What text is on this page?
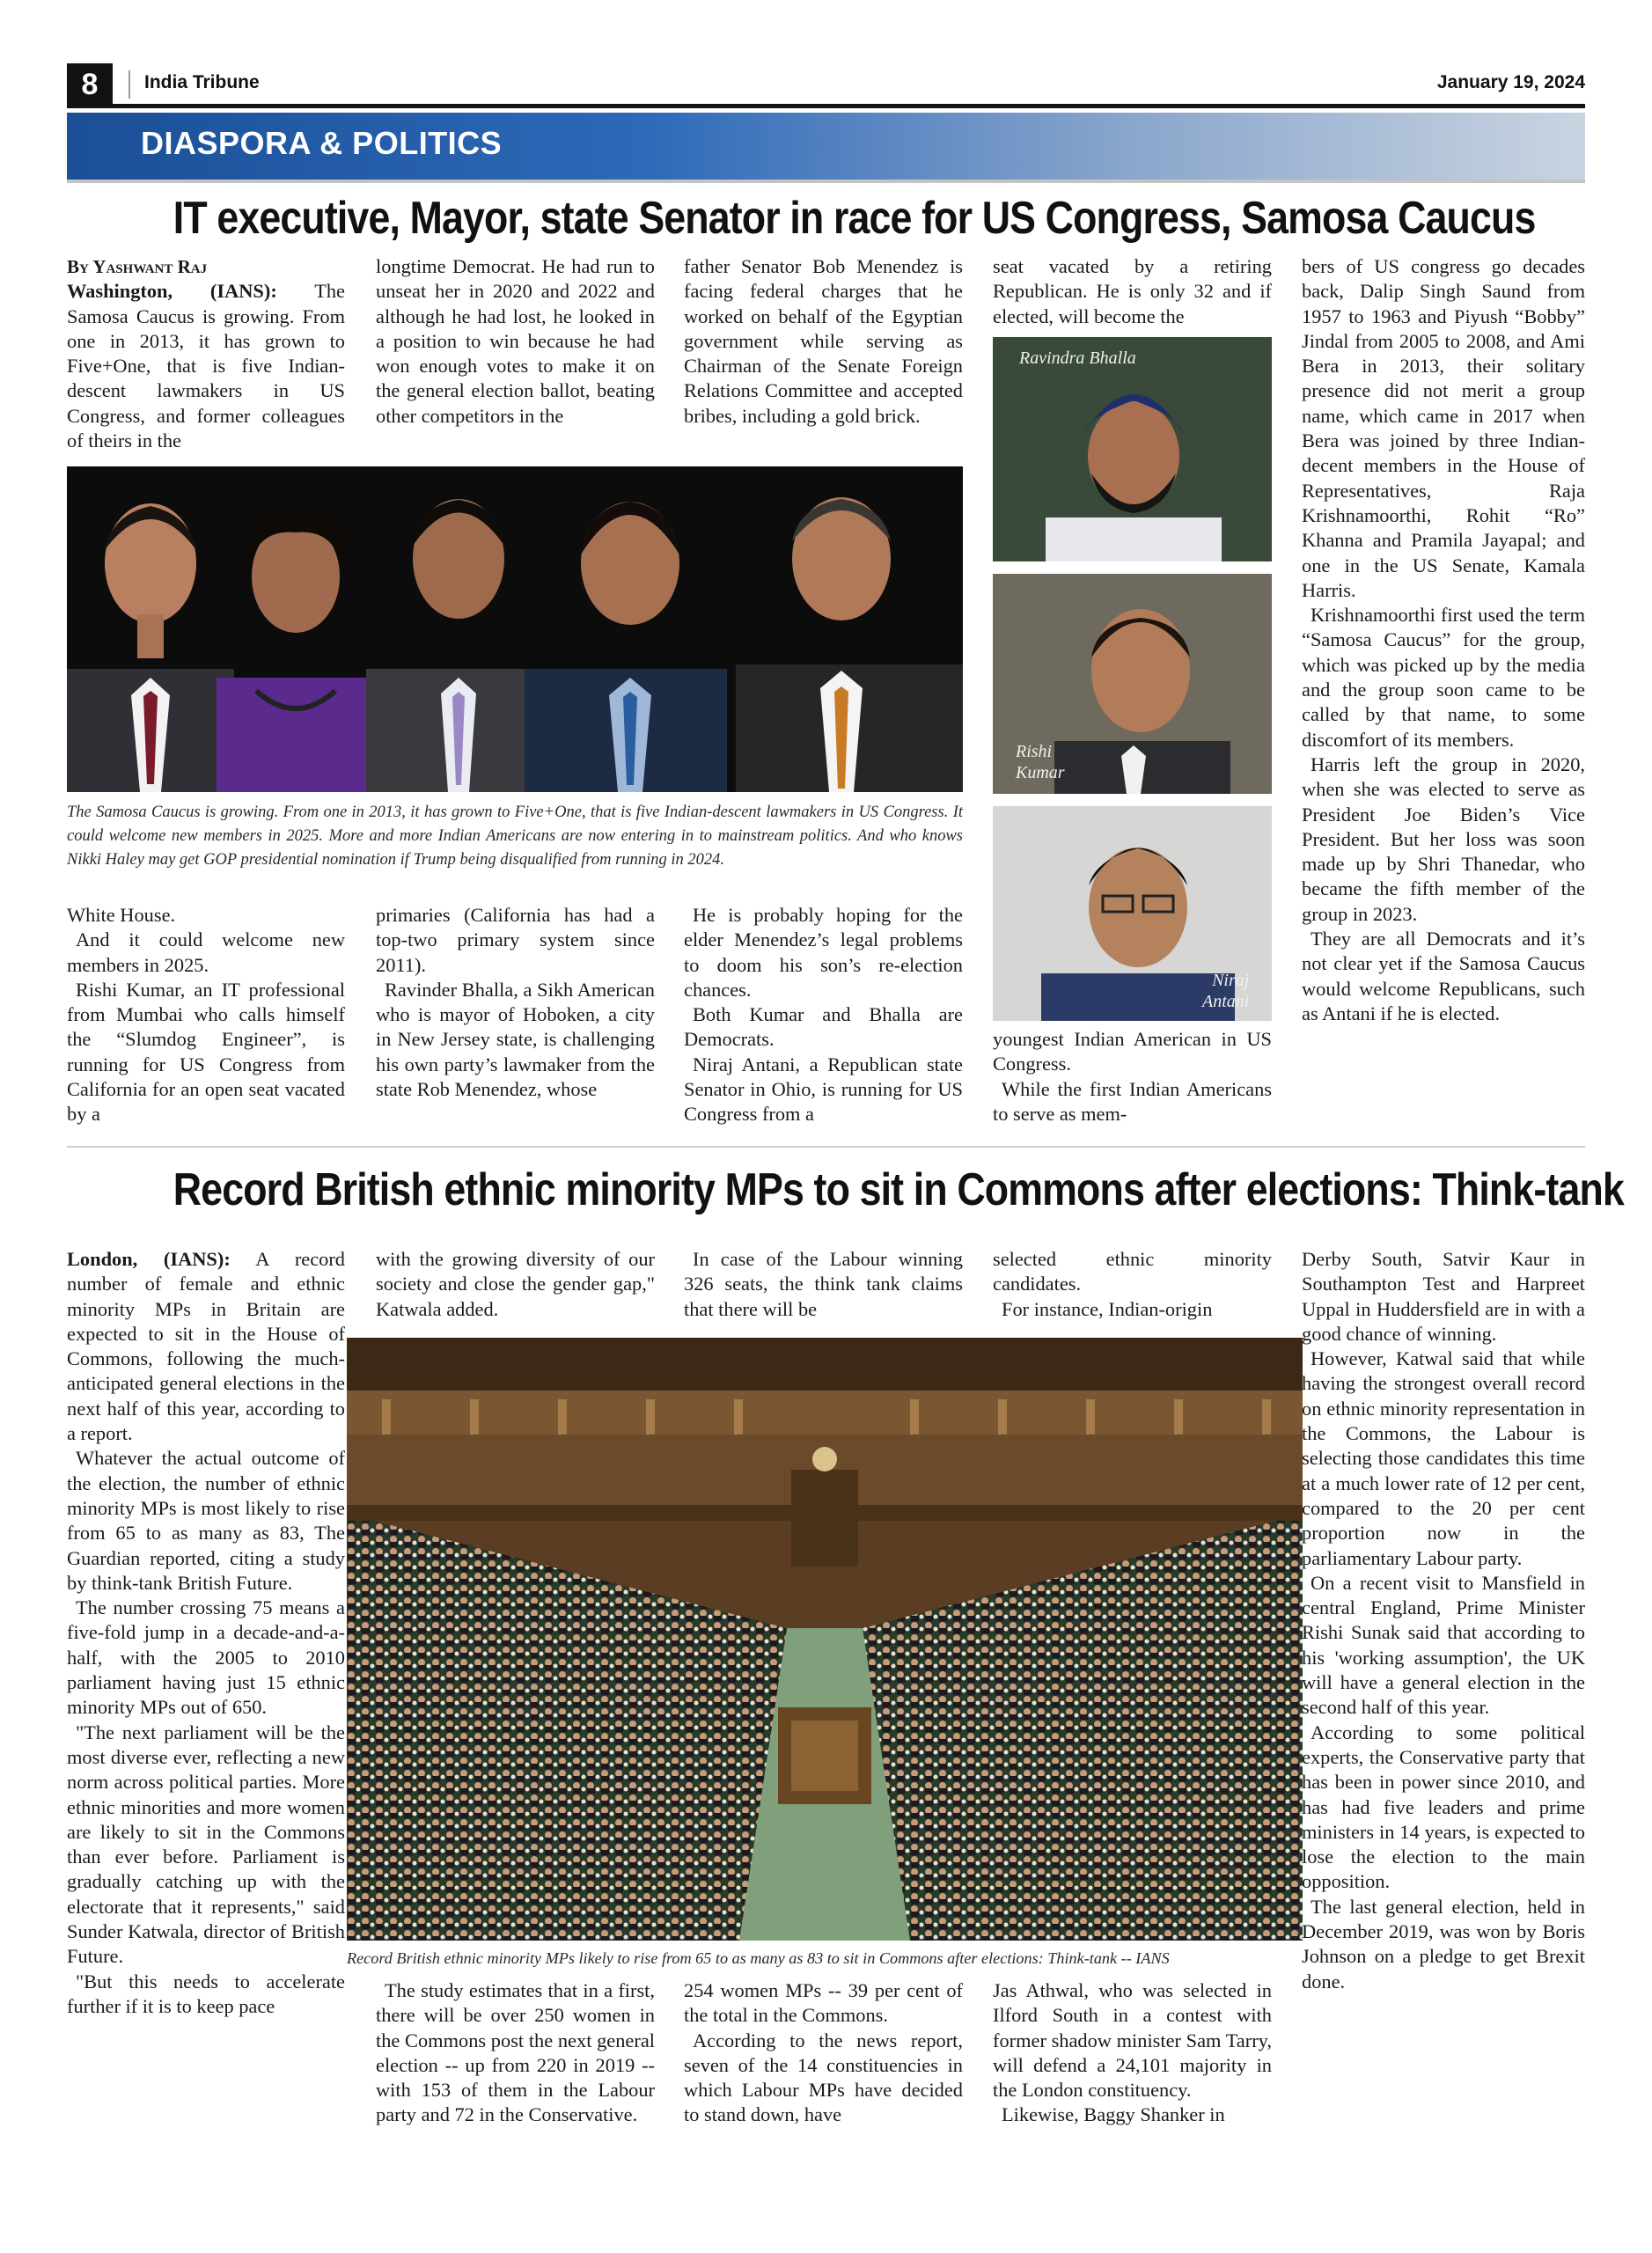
8	India Tribune	January 19, 2024
DIASPORA & POLITICS
IT executive, Mayor, state Senator in race for US Congress, Samosa Caucus

By Yashwant Raj

Washington, (IANS): The Samosa Caucus is growing. From one in 2013, it has grown to Five+One, that is five Indian-descent lawmakers in US Congress, and former colleagues of theirs in the

longtime Democrat. He had run to unseat her in 2020 and 2022 and although he had lost, he looked in a position to win because he had won enough votes to make it on the general election ballot, beating other competitors in the

father Senator Bob Menendez is facing federal charges that he worked on behalf of the Egyptian government while serving as Chairman of the Senate Foreign Relations Committee and accepted bribes, including a gold brick.

seat vacated by a retiring Republican. He is only 32 and if elected, will become the

The Samosa Caucus is growing. From one in 2013, it has grown to Five+One, that is five Indian-descent lawmakers in US Congress. It could welcome new members in 2025. More and more Indian Americans are now entering in to mainstream politics. And who knows Nikki Haley may get GOP presidential nomination if Trump being disqualified from running in 2024.
Ravindra Bhalla
Rishi
Kumar
Niraj
Antani

youngest Indian American in US Congress.

While the first Indian Americans to serve as mem-

bers of US congress go decades back, Dalip Singh Saund from 1957 to 1963 and Piyush “Bobby” Jindal from 2005 to 2008, and Ami Bera in 2013, their solitary presence did not merit a group name, which came in 2017 when Bera was joined by three Indian-decent members in the House of Representatives, Raja Krishnamoorthi, Rohit “Ro” Khanna and Pramila Jayapal; and one in the US Senate, Kamala Harris.

Krishnamoorthi first used the term “Samosa Caucus” for the group, which was picked up by the media and the group soon came to be called by that name, to some discomfort of its members.

Harris left the group in 2020, when she was elected to serve as President Joe Biden’s Vice President. But her loss was soon made up by Shri Thanedar, who became the fifth member of the group in 2023.

They are all Democrats and it’s not clear yet if the Samosa Caucus would welcome Republicans, such as Antani if he is elected.

White House.

And it could welcome new members in 2025.

Rishi Kumar, an IT professional from Mumbai who calls himself the “Slumdog Engineer”, is running for US Congress from California for an open seat vacated by a

primaries (California has had a top-two primary system since 2011).

Ravinder Bhalla, a Sikh American who is mayor of Hoboken, a city in New Jersey state, is challenging his own party’s lawmaker from the state Rob Menendez, whose

He is probably hoping for the elder Menendez’s legal problems to doom his son’s re-election chances.

Both Kumar and Bhalla are Democrats.

Niraj Antani, a Republican state Senator in Ohio, is running for US Congress from a

Record British ethnic minority MPs to sit in Commons after elections: Think-tank

London, (IANS): A record number of female and ethnic minority MPs in Britain are expected to sit in the House of Commons, following the much-anticipated general elections in the next half of this year, according to a report.

Whatever the actual outcome of the election, the number of ethnic minority MPs is most likely to rise from 65 to as many as 83, The Guardian reported, citing a study by think-tank British Future.

The number crossing 75 means a five-fold jump in a decade-and-a-half, with the 2005 to 2010 parliament having just 15 ethnic minority MPs out of 650.

"The next parliament will be the most diverse ever, reflecting a new norm across political parties. More ethnic minorities and more women are likely to sit in the Commons than ever before. Parliament is gradually catching up with the electorate that it represents," said Sunder Katwala, director of British Future.

"But this needs to accelerate further if it is to keep pace

with the growing diversity of our society and close the gender gap," Katwala added.

In case of the Labour winning 326 seats, the think tank claims that there will be

selected ethnic minority candidates.

For instance, Indian-origin

Record British ethnic minority MPs likely to rise from 65 to as many as 83 to sit in Commons after elections: Think-tank -- IANS

The study estimates that in a first, there will be over 250 women in the Commons post the next general election -- up from 220 in 2019 -- with 153 of them in the Labour party and 72 in the Conservative.

254 women MPs -- 39 per cent of the total in the Commons.

According to the news report, seven of the 14 constituencies in which Labour MPs have decided to stand down, have

Jas Athwal, who was selected in Ilford South in a contest with former shadow minister Sam Tarry, will defend a 24,101 majority in the London constituency.

Likewise, Baggy Shanker in

Derby South, Satvir Kaur in Southampton Test and Harpreet Uppal in Huddersfield are in with a good chance of winning.

However, Katwal said that while having the strongest overall record on ethnic minority representation in the Commons, the Labour is selecting those candidates this time at a much lower rate of 12 per cent, compared to the 20 per cent proportion now in the parliamentary Labour party.

On a recent visit to Mansfield in central England, Prime Minister Rishi Sunak said that according to his 'working assumption', the UK will have a general election in the second half of this year.

According to some political experts, the Conservative party that has been in power since 2010, and has had five leaders and prime ministers in 14 years, is expected to lose the election to the main opposition.

The last general election, held in December 2019, was won by Boris Johnson on a pledge to get Brexit done.
